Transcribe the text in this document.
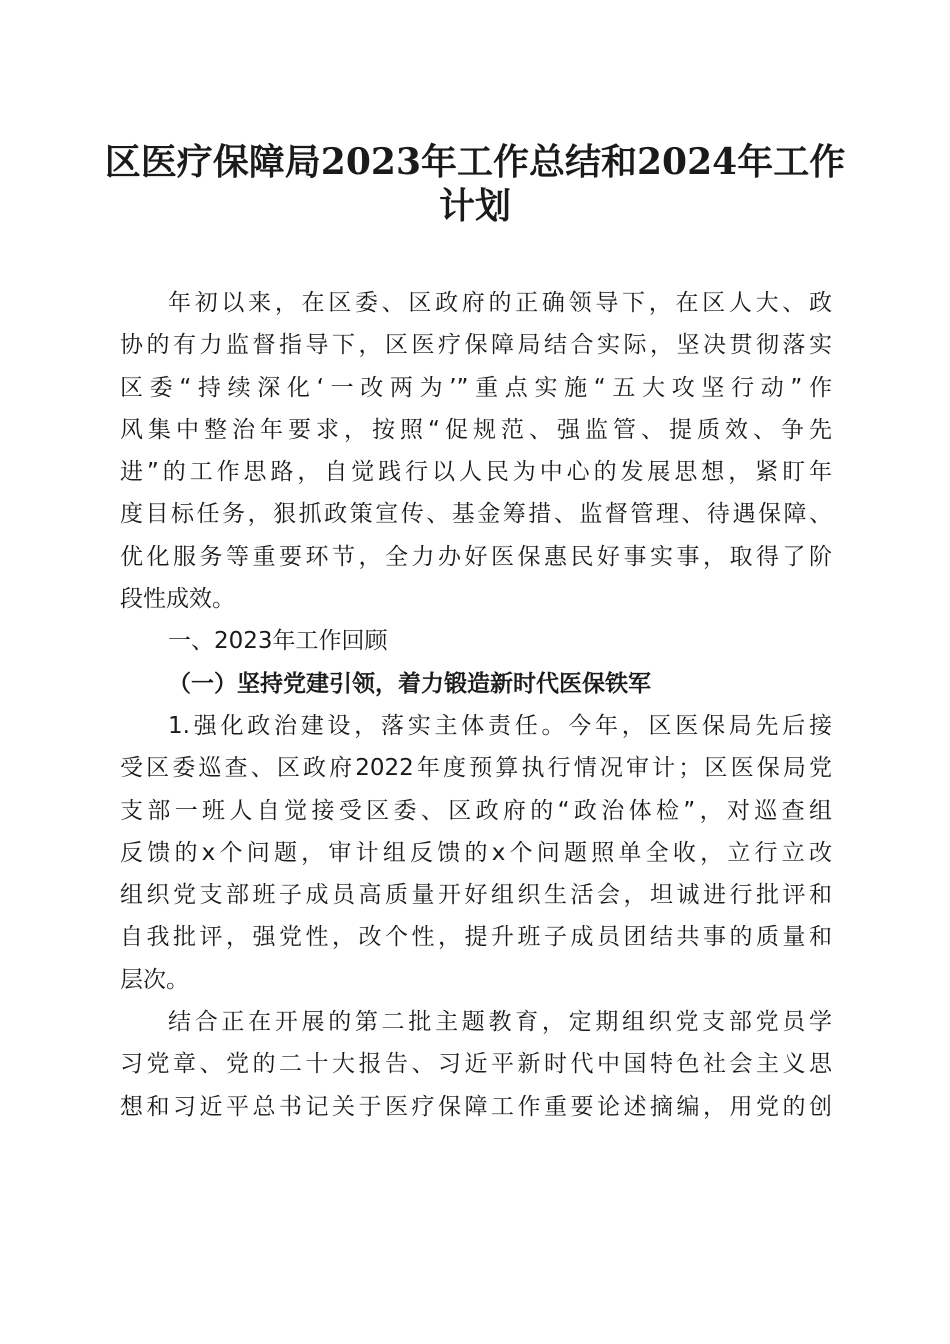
区医疗保障局2023年工作总结和2024年工作
计划
年初以来，在区委、区政府的正确领导下，在区人大、政
协的有力监督指导下，区医疗保障局结合实际，坚决贯彻落实
区委“持续深化‘一改两为’”重点实施“五大攻坚行动”作
风集中整治年要求，按照“促规范、强监管、提质效、争先
进”的工作思路，自觉践行以人民为中心的发展思想，紧盯年
度目标任务，狠抓政策宣传、基金筹措、监督管理、待遇保障、
优化服务等重要环节，全力办好医保惠民好事实事，取得了阶
段性成效。
一、2023年工作回顾
（一）坚持党建引领，着力锻造新时代医保铁军
1.强化政治建设，落实主体责任。今年，区医保局先后接
受区委巡查、区政府2022年度预算执行情况审计；区医保局党
支部一班人自觉接受区委、区政府的“政治体检”，对巡查组
反馈的x个问题，审计组反馈的x个问题照单全收，立行立改
组织党支部班子成员高质量开好组织生活会，坦诚进行批评和
自我批评，强党性，改个性，提升班子成员团结共事的质量和
层次。
结合正在开展的第二批主题教育，定期组织党支部党员学
习党章、党的二十大报告、习近平新时代中国特色社会主义思
想和习近平总书记关于医疗保障工作重要论述摘编，用党的创
